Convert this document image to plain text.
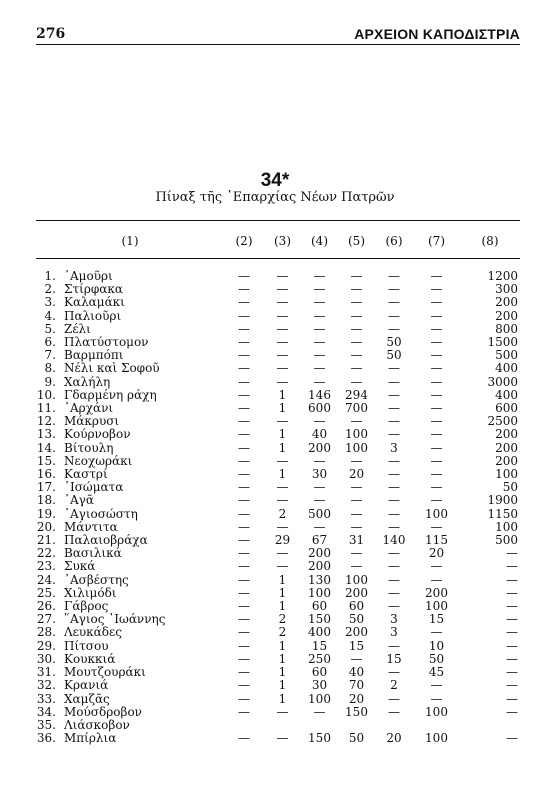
276	ΑΡΧΕΙΟΝ ΚΑΠΟΔΙΣΤΡΙΑ
34*
Πίναξ τῆς ᾿Επαρχίας Νέων Πατρῶν
(1)		(2)	(3)	(4)	(5)	(6)	(7)	(8)

1.	᾿Αμοῦρι	—	—	—	—	—	—	1200
2.	Στίρφακα	—	—	—	—	—	—	300
3.	Καλαμάκι	—	—	—	—	—	—	200
4.	Παλιοῦρι	—	—	—	—	—	—	200
5.	Ζέλι	—	—	—	—	—	—	800
6.	Πλατύστομον	—	—	—	—	50	—	1500
7.	Βαρμπόπι	—	—	—	—	50	—	500
8.	Νέλι καὶ Σοφοῦ	—	—	—	—	—	—	400
9.	Χαλήλη	—	—	—	—	—	—	3000
10.	Γδαρμένη ράχη	—	1	146	294	—	—	400
11.	᾿Αρχάνι	—	1	600	700	—	—	600
12.	Μάκρυσι	—	—	—	—	—	—	2500
13.	Κούρνοβον	—	1	40	100	—	—	200
14.	Βίτουλη	—	1	200	100	3	—	200
15.	Νεοχωράκι	—	—	—	—	—	—	200
16.	Καστρί	—	1	30	20	—	—	100
17.	᾿Ισώματα	—	—	—	—	—	—	50
18.	᾿Αγᾶ	—	—	—	—	—	—	1900
19.	᾿Αγιοσώστη	—	2	500	—	—	100	1150
20.	Μάντιτα	—	—	—	—	—	—	100
21.	Παλαιοβράχα	—	29	67	31	140	115	500
22.	Βασιλικά	—	—	200	—	—	20	—
23.	Συκά	—	—	200	—	—	—	—
24.	᾿Ασβέστης	—	1	130	100	—	—	—
25.	Χιλιμόδι	—	1	100	200	—	200	—
26.	Γάβρος	—	1	60	60	—	100	—
27.	῞Αγιος ᾿Ιωάννης	—	2	150	50	3	15	—
28.	Λευκάδες	—	2	400	200	3	—	—
29.	Πίτσου	—	1	15	15	—	10	—
30.	Κουκκιά	—	1	250	—	15	50	—
31.	Μουτζουράκι	—	1	60	40	—	45	—
32.	Κρανιά	—	1	30	70	2	—	—
33.	Χαμζᾶς	—	1	100	20	—	—	—
34.	Μούσδροβον	—	—	—	150	—	100	—
35.	Λιάσκοβον							
36.	Μπίρλια	—	—	150	50	20	100	—
